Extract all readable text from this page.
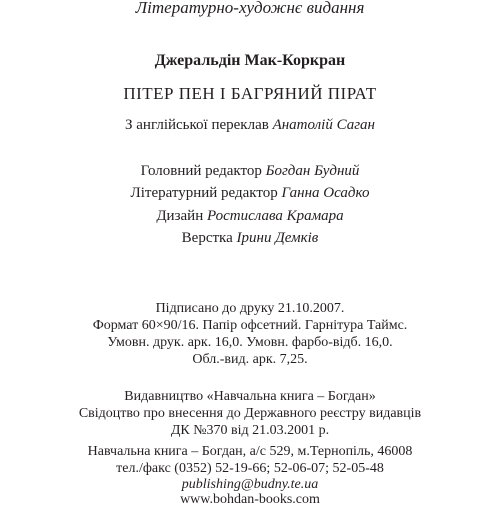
Літературно-художнє видання
Джеральдін Мак-Коркран
ПІТЕР ПЕН І БАГРЯНИЙ ПІРАТ
З англійської переклав Анатолій Саган
Головний редактор Богдан Будний
Літературний редактор Ганна Осадко
Дизайн Ростислава Крамара
Верстка Ірини Демків
Підписано до друку 21.10.2007.
Формат 60×90/16. Папір офсетний. Гарнітура Таймс.
Умовн. друк. арк. 16,0. Умовн. фарбо-відб. 16,0.
Обл.-вид. арк. 7,25.
Видавництво «Навчальна книга – Богдан»
Свідоцтво про внесення до Державного реєстру видавців
ДК №370 від 21.03.2001 р.
Навчальна книга – Богдан, а/с 529, м.Тернопіль, 46008
тел./факс (0352) 52-19-66; 52-06-07; 52-05-48
publishing@budny.te.ua
www.bohdan-books.com
